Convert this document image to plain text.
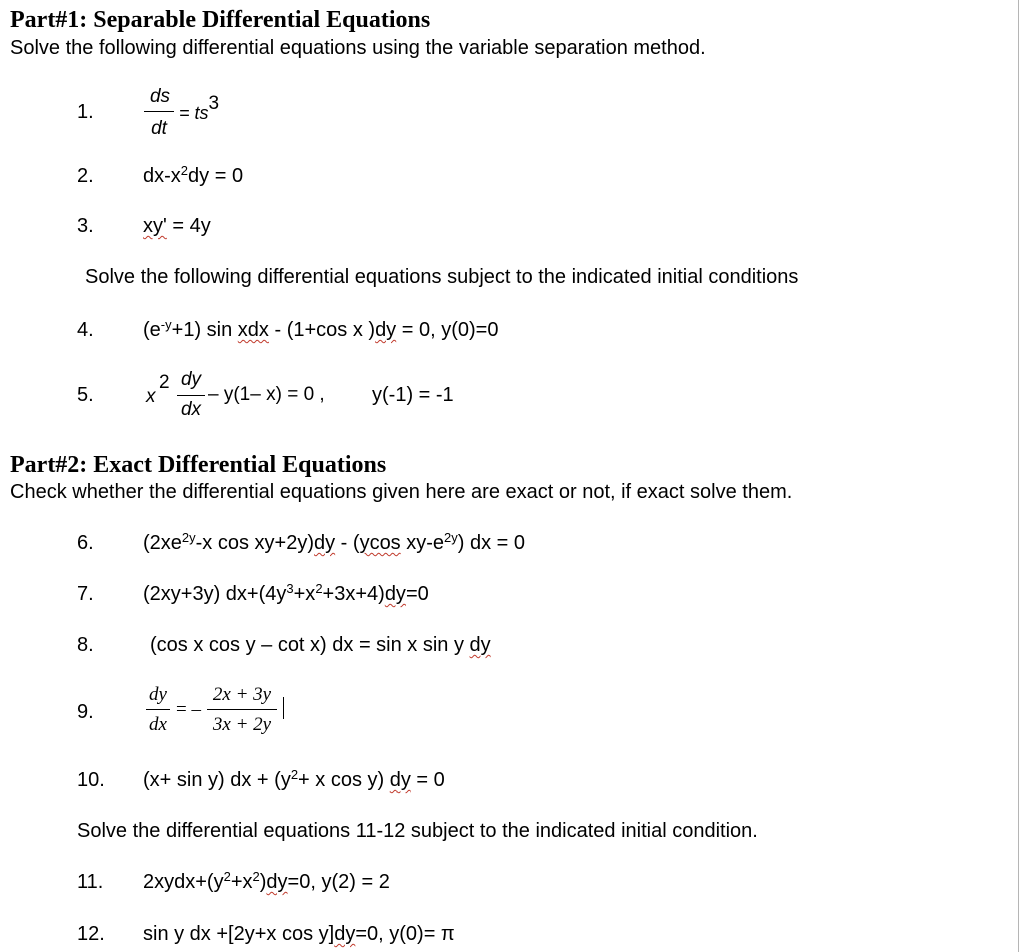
Part#1: Separable Differential Equations
Solve the following differential equations using the variable separation method.
1.
ds
dt
= ts3
2. $dx-x^2dy = 0$
3. xy' = 4y
Solve the following differential equations subject to the indicated initial conditions
4. $(e^{-y}+1)$ sin xdx - (1+cos x )dy = 0, y(0)=0
5.	x
2 dy
dx
– y(1– x) = 0 , y(-1) = -1
Part#2: Exact Differential Equations
Check whether the differential equations given here are exact or not, if exact solve them.
6. ($2xe^{2y}-x$ cos xy+2y)dy - (ycos $xy-e^{2y}$) dx = 0
7. (2xy+3y) $dx+(4y^3+x^2+3x+4)dy=0$
8.	(cos x cos y – cot x) dx = sin x sin y dy
9.
dy
dx
= –
2x + 3y
3x + 2y
10. (x+ sin y) dx + ($y^2+ x$ cos y) dy = 0
Solve the differential equations 11-12 subject to the indicated initial condition.
11. $2xydx+(y^2+x^2)dy=0$, y(2) = 2
12. sin y dx +[2y+x cos y]dy=0, y(0)= π
